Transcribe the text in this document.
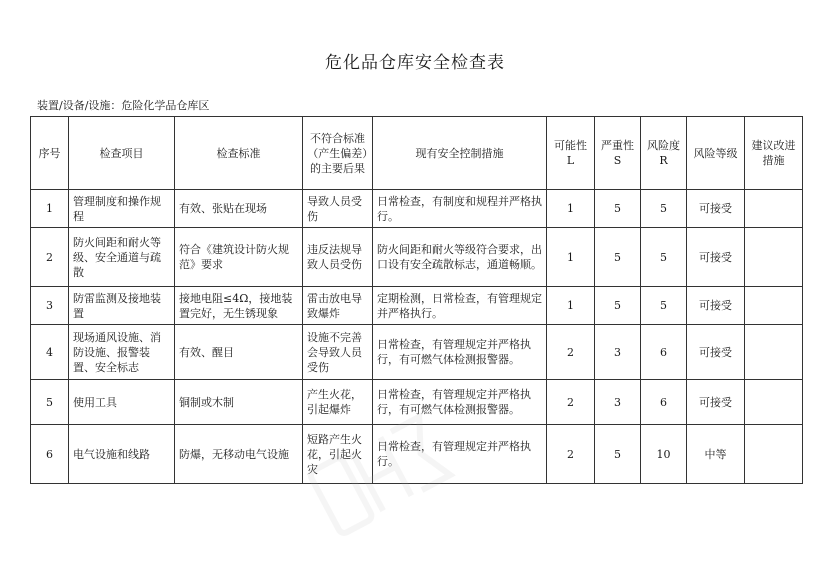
危化品仓库安全检查表
装置/设备/设施：危险化学品仓库区
序号	检查项目	检查标准	不符合标准（产生偏差）的主要后果	现有安全控制措施	可能性L	严重性S	风险度R	风险等级	建议改进措施
1	管理制度和操作规程	有效、张贴在现场	导致人员受伤	日常检查，有制度和规程并严格执行。	1	5	5	可接受	
2	防火间距和耐火等级、安全通道与疏散	符合《建筑设计防火规范》要求	违反法规导致人员受伤	防火间距和耐火等级符合要求，出口设有安全疏散标志，通道畅顺。	1	5	5	可接受	
3	防雷监测及接地装置	接地电阻≤4Ω，接地装置完好，无生锈现象	雷击放电导致爆炸	定期检测，日常检查，有管理规定并严格执行。	1	5	5	可接受	
4	现场通风设施、消防设施、报警装置、安全标志	有效、醒目	设施不完善会导致人员受伤	日常检查，有管理规定并严格执行，有可燃气体检测报警器。	2	3	6	可接受	
5	使用工具	铜制或木制	产生火花，引起爆炸	日常检查，有管理规定并严格执行，有可燃气体检测报警器。	2	3	6	可接受	
6	电气设施和线路	防爆，无移动电气设施	短路产生火花，引起火灾	日常检查，有管理规定并严格执行。	2	5	10	中等	
